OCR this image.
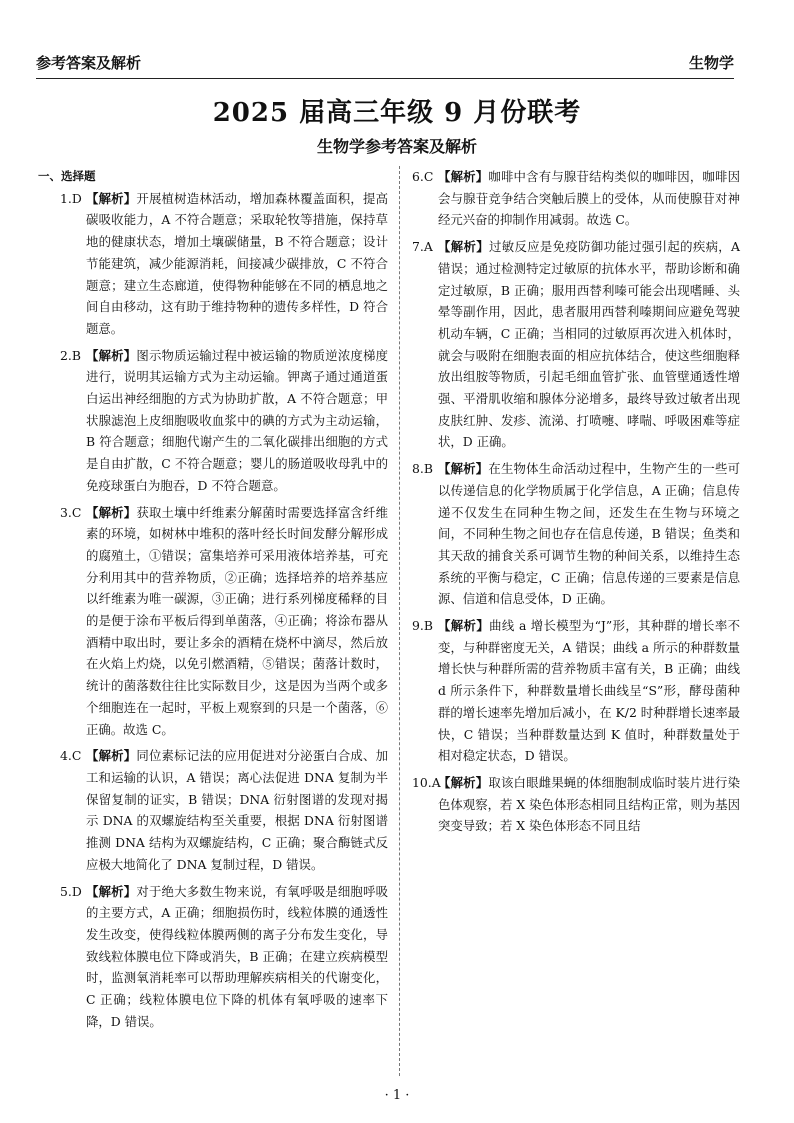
参考答案及解析	生物学
2025 届高三年级 9 月份联考
生物学参考答案及解析
一、选择题
1.D 【解析】开展植树造林活动，增加森林覆盖面积，提高碳吸收能力，A 不符合题意；采取轮牧等措施，保持草地的健康状态，增加土壤碳储量，B 不符合题意；设计节能建筑，减少能源消耗，间接减少碳排放，C 不符合题意；建立生态廊道，使得物种能够在不同的栖息地之间自由移动，这有助于维持物种的遗传多样性，D 符合题意。
2.B 【解析】图示物质运输过程中被运输的物质逆浓度梯度进行，说明其运输方式为主动运输。钾离子通过通道蛋白运出神经细胞的方式为协助扩散，A 不符合题意；甲状腺滤泡上皮细胞吸收血浆中的碘的方式为主动运输，B 符合题意；细胞代谢产生的二氧化碳排出细胞的方式是自由扩散，C 不符合题意；婴儿的肠道吸收母乳中的免疫球蛋白为胞吞，D 不符合题意。
3.C 【解析】获取土壤中纤维素分解菌时需要选择富含纤维素的环境，如树林中堆积的落叶经长时间发酵分解形成的腐殖土，①错误；富集培养可采用液体培养基，可充分利用其中的营养物质，②正确；选择培养的培养基应以纤维素为唯一碳源，③正确；进行系列梯度稀释的目的是便于涂布平板后得到单菌落，④正确；将涂布器从酒精中取出时，要让多余的酒精在烧杯中滴尽，然后放在火焰上灼烧，以免引燃酒精，⑤错误；菌落计数时，统计的菌落数往往比实际数目少，这是因为当两个或多个细胞连在一起时，平板上观察到的只是一个菌落，⑥正确。故选 C。
4.C 【解析】同位素标记法的应用促进对分泌蛋白合成、加工和运输的认识，A 错误；离心法促进 DNA 复制为半保留复制的证实，B 错误；DNA 衍射图谱的发现对揭示 DNA 的双螺旋结构至关重要，根据 DNA 衍射图谱推测 DNA 结构为双螺旋结构，C 正确；聚合酶链式反应极大地简化了 DNA 复制过程，D 错误。
5.D 【解析】对于绝大多数生物来说，有氧呼吸是细胞呼吸的主要方式，A 正确；细胞损伤时，线粒体膜的通透性发生改变，使得线粒体膜两侧的离子分布发生变化，导致线粒体膜电位下降或消失，B 正确；在建立疾病模型时，监测氧消耗率可以帮助理解疾病相关的代谢变化，C 正确；线粒体膜电位下降的机体有氧呼吸的速率下降，D 错误。
6.C 【解析】咖啡中含有与腺苷结构类似的咖啡因，咖啡因会与腺苷竞争结合突触后膜上的受体，从而使腺苷对神经元兴奋的抑制作用减弱。故选 C。
7.A 【解析】过敏反应是免疫防御功能过强引起的疾病，A 错误；通过检测特定过敏原的抗体水平，帮助诊断和确定过敏原，B 正确；服用西替利嗪可能会出现嗜睡、头晕等副作用，因此，患者服用西替利嗪期间应避免驾驶机动车辆，C 正确；当相同的过敏原再次进入机体时，就会与吸附在细胞表面的相应抗体结合，使这些细胞释放出组胺等物质，引起毛细血管扩张、血管壁通透性增强、平滑肌收缩和腺体分泌增多，最终导致过敏者出现皮肤红肿、发疹、流涕、打喷嚏、哮喘、呼吸困难等症状，D 正确。
8.B 【解析】在生物体生命活动过程中，生物产生的一些可以传递信息的化学物质属于化学信息，A 正确；信息传递不仅发生在同种生物之间，还发生在生物与环境之间，不同种生物之间也存在信息传递，B 错误；鱼类和其天敌的捕食关系可调节生物的种间关系，以维持生态系统的平衡与稳定，C 正确；信息传递的三要素是信息源、信道和信息受体，D 正确。
9.B 【解析】曲线 a 增长模型为“J”形，其种群的增长率不变，与种群密度无关，A 错误；曲线 a 所示的种群数量增长快与种群所需的营养物质丰富有关，B 正确；曲线 d 所示条件下，种群数量增长曲线呈“S”形，酵母菌种群的增长速率先增加后减小，在 K/2 时种群增长速率最快，C 错误；当种群数量达到 K 值时，种群数量处于相对稳定状态，D 错误。
10.A
【解析】取该白眼雌果蝇的体细胞制成临时装片进行染色体观察，若 X 染色体形态相同且结构正常，则为基因突变导致；若 X 染色体形态不同且结
· 1 ·
